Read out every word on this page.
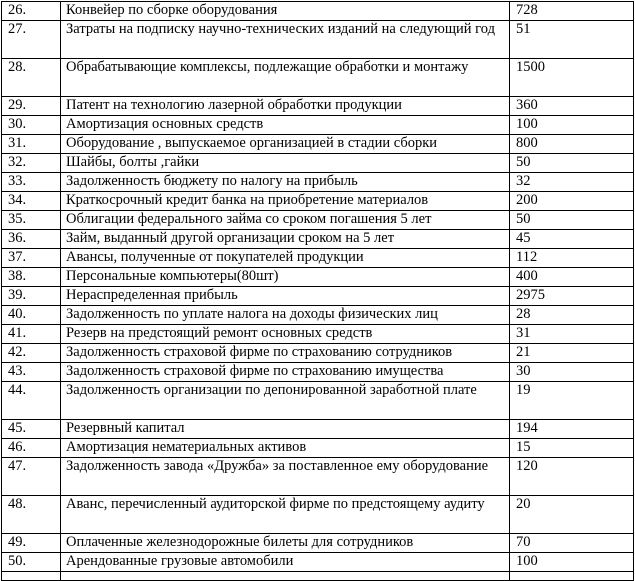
26.	Конвейер по сборке оборудования	728
27.	Затраты на подписку научно-технических изданий на следующий год	51
28.	Обрабатывающие комплексы, подлежащие обработки и монтажу	1500
29.	Патент на технологию лазерной обработки продукции	360
30.	Амортизация основных средств	100
31.	Оборудование , выпускаемое организацией в стадии сборки	800
32.	Шайбы, болты ,гайки	50
33.	Задолженность бюджету по налогу на прибыль	32
34.	Краткосрочный кредит банка на приобретение материалов	200
35.	Облигации федерального займа со сроком погашения 5 лет	50
36.	Займ, выданный другой организации сроком на 5 лет	45
37.	Авансы, полученные от покупателей продукции	112
38.	Персональные компьютеры(80шт)	400
39.	Нераспределенная прибыль	2975
40.	Задолженность по уплате налога на доходы физических лиц	28
41.	Резерв на предстоящий ремонт основных средств	31
42.	Задолженность страховой фирме по страхованию сотрудников	21
43.	Задолженность страховой фирме по страхованию имущества	30
44.	Задолженность организации по депонированной заработной плате	19
45.	Резервный капитал	194
46.	Амортизация нематериальных активов	15
47.	Задолженность завода «Дружба» за поставленное ему оборудование	120
48.	Аванс, перечисленный аудиторской фирме по предстоящему аудиту	20
49.	Оплаченные железнодорожные билеты для сотрудников	70
50.	Арендованные грузовые автомобили	100
